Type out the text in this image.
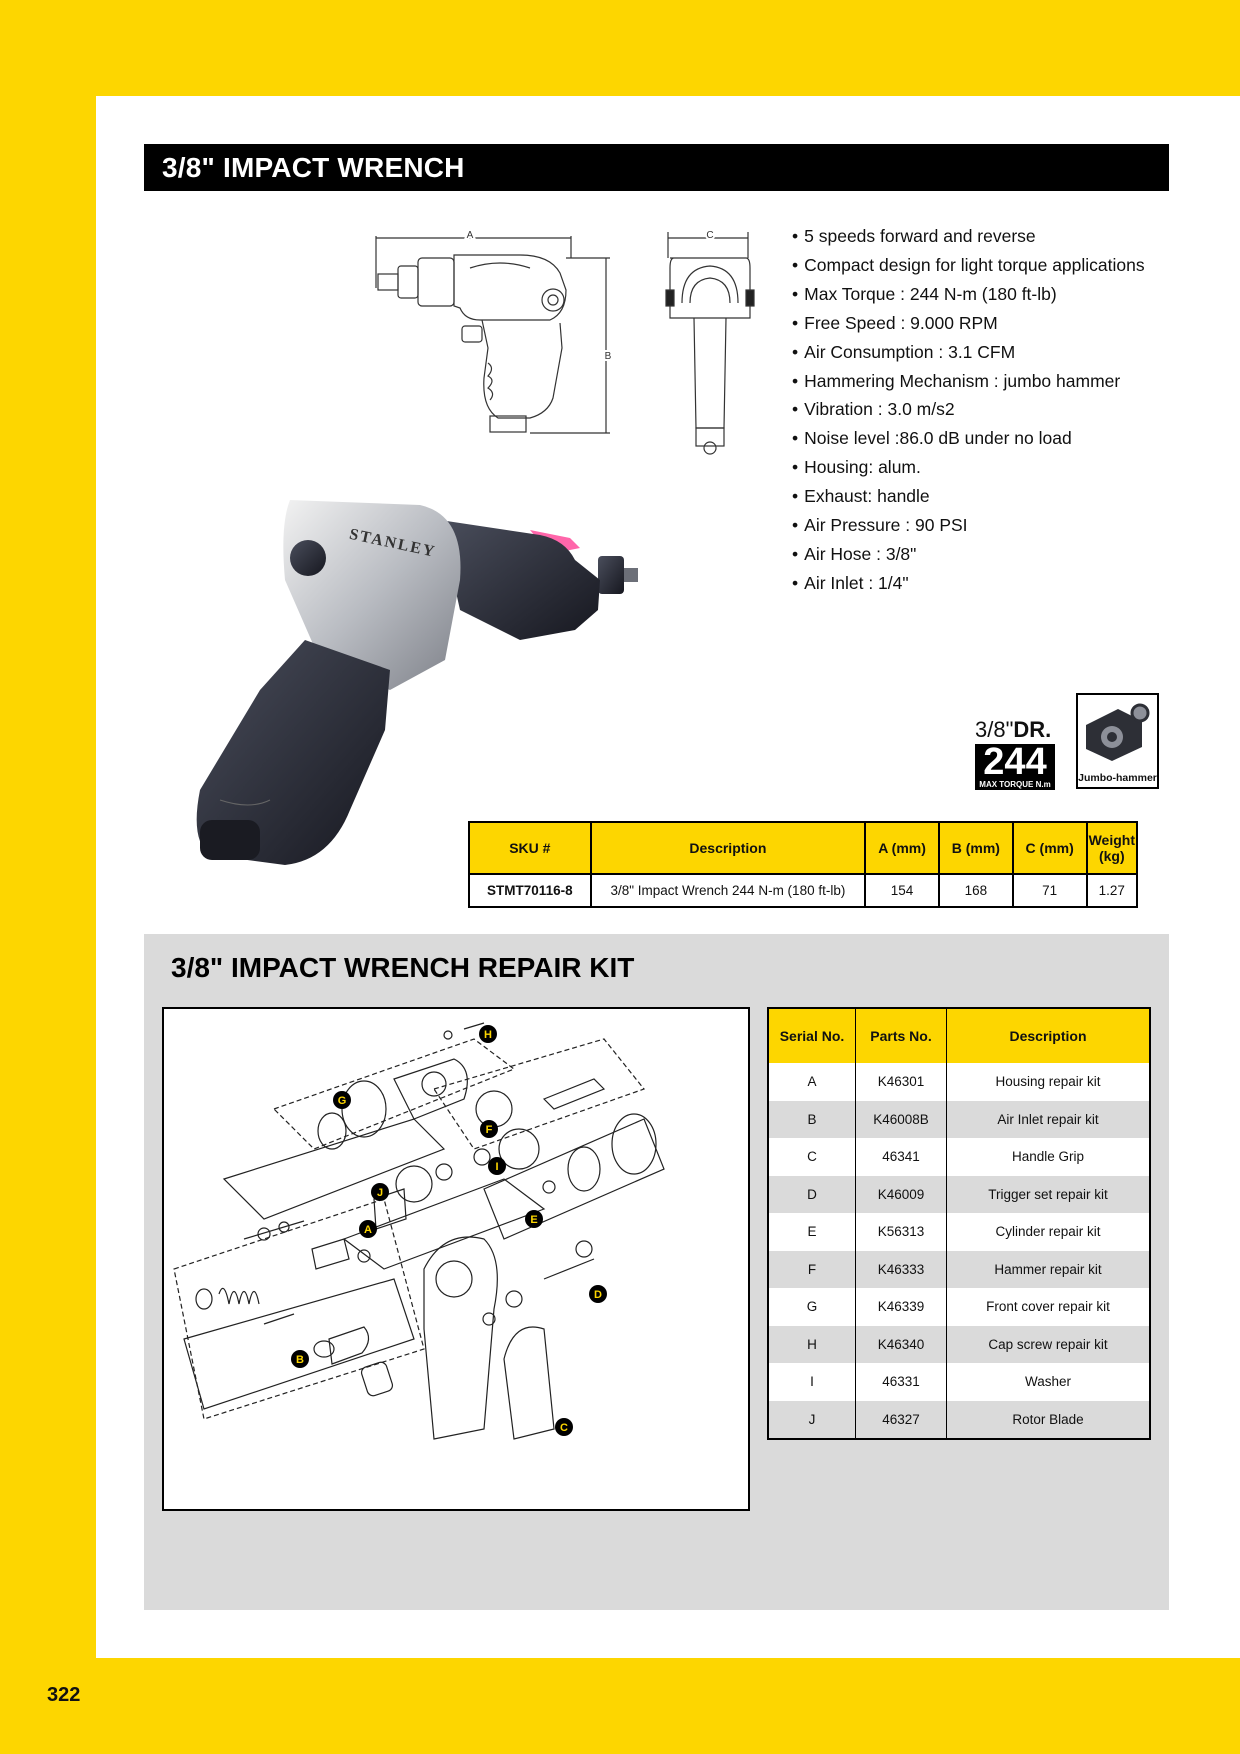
3/8" IMPACT WRENCH
A
B
C
STANLEY
• 5 speeds forward and reverse
• Compact design for light torque applications
• Max Torque : 244 N-m (180 ft-lb)
• Free Speed : 9.000 RPM
• Air Consumption : 3.1 CFM
• Hammering Mechanism : jumbo hammer
• Vibration : 3.0 m/s2
• Noise level :86.0 dB under no load
• Housing: alum.
• Exhaust: handle
• Air Pressure : 90 PSI
• Air Hose : 3/8"
• Air Inlet : 1/4"
3/8"DR.
244
MAX TORQUE N.m
Jumbo-hammer
SKU #	Description	A (mm)	B (mm)	C (mm)	Weight (kg)
STMT70116-8	3/8" Impact Wrench 244 N-m (180 ft-lb)	154	168	71	1.27
3/8" IMPACT WRENCH REPAIR KIT
A
B
C
D
E
F
G
H
I
J
Serial No.	Parts No.	Description
A	K46301	Housing repair kit
B	K46008B	Air Inlet repair kit
C	46341	Handle Grip
D	K46009	Trigger set repair kit
E	K56313	Cylinder repair kit
F	K46333	Hammer repair kit
G	K46339	Front cover repair kit
H	K46340	Cap screw repair kit
I	46331	Washer
J	46327	Rotor Blade
322
